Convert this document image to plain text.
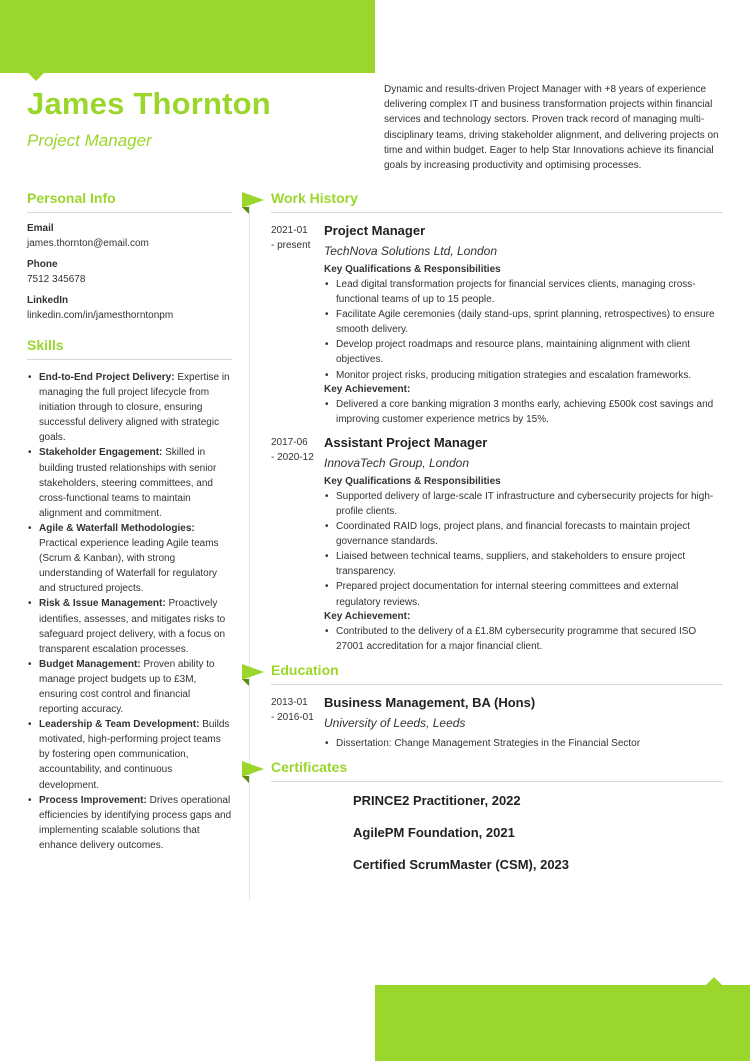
James Thornton
Project Manager

Dynamic and results-driven Project Manager with +8 years of experience delivering complex IT and business transformation projects within financial services and technology sectors. Proven track record of managing multi-disciplinary teams, driving stakeholder alignment, and delivering projects on time and within budget. Eager to help Star Innovations achieve its financial goals by increasing productivity and optimising processes.

Personal Info
Email
james.thornton@email.com
Phone
7512 345678
LinkedIn
linkedin.com/in/jamesthorntonpm
Skills
• End-to-End Project Delivery: Expertise in managing the full project lifecycle from initiation through to closure, ensuring successful delivery aligned with strategic goals.
• Stakeholder Engagement: Skilled in building trusted relationships with senior stakeholders, steering committees, and cross-functional teams to maintain alignment and commitment.
• Agile & Waterfall Methodologies: Practical experience leading Agile teams (Scrum & Kanban), with strong understanding of Waterfall for regulatory and structured projects.
• Risk & Issue Management: Proactively identifies, assesses, and mitigates risks to safeguard project delivery, with a focus on transparent escalation processes.
• Budget Management: Proven ability to manage project budgets up to £3M, ensuring cost control and financial reporting accuracy.
• Leadership & Team Development: Builds motivated, high-performing project teams by fostering open communication, accountability, and continuous development.
• Process Improvement: Drives operational efficiencies by identifying process gaps and implementing scalable solutions that enhance delivery outcomes.
Work History
2021-01
- present
Project Manager
TechNova Solutions Ltd, London
Key Qualifications & Responsibilities
• Lead digital transformation projects for financial services clients, managing cross-functional teams of up to 15 people.
• Facilitate Agile ceremonies (daily stand-ups, sprint planning, retrospectives) to ensure smooth delivery.
• Develop project roadmaps and resource plans, maintaining alignment with client objectives.
• Monitor project risks, producing mitigation strategies and escalation frameworks.
Key Achievement:
• Delivered a core banking migration 3 months early, achieving £500k cost savings and improving customer experience metrics by 15%.
2017-06
- 2020-12
Assistant Project Manager
InnovaTech Group, London
Key Qualifications & Responsibilities
• Supported delivery of large-scale IT infrastructure and cybersecurity projects for high-profile clients.
• Coordinated RAID logs, project plans, and financial forecasts to maintain project governance standards.
• Liaised between technical teams, suppliers, and stakeholders to ensure project transparency.
• Prepared project documentation for internal steering committees and external regulatory reviews.
Key Achievement:
• Contributed to the delivery of a £1.8M cybersecurity programme that secured ISO 27001 accreditation for a major financial client.
Education
2013-01
- 2016-01
Business Management, BA (Hons)
University of Leeds, Leeds
• Dissertation: Change Management Strategies in the Financial Sector
Certificates
PRINCE2 Practitioner, 2022
AgilePM Foundation, 2021
Certified ScrumMaster (CSM), 2023
